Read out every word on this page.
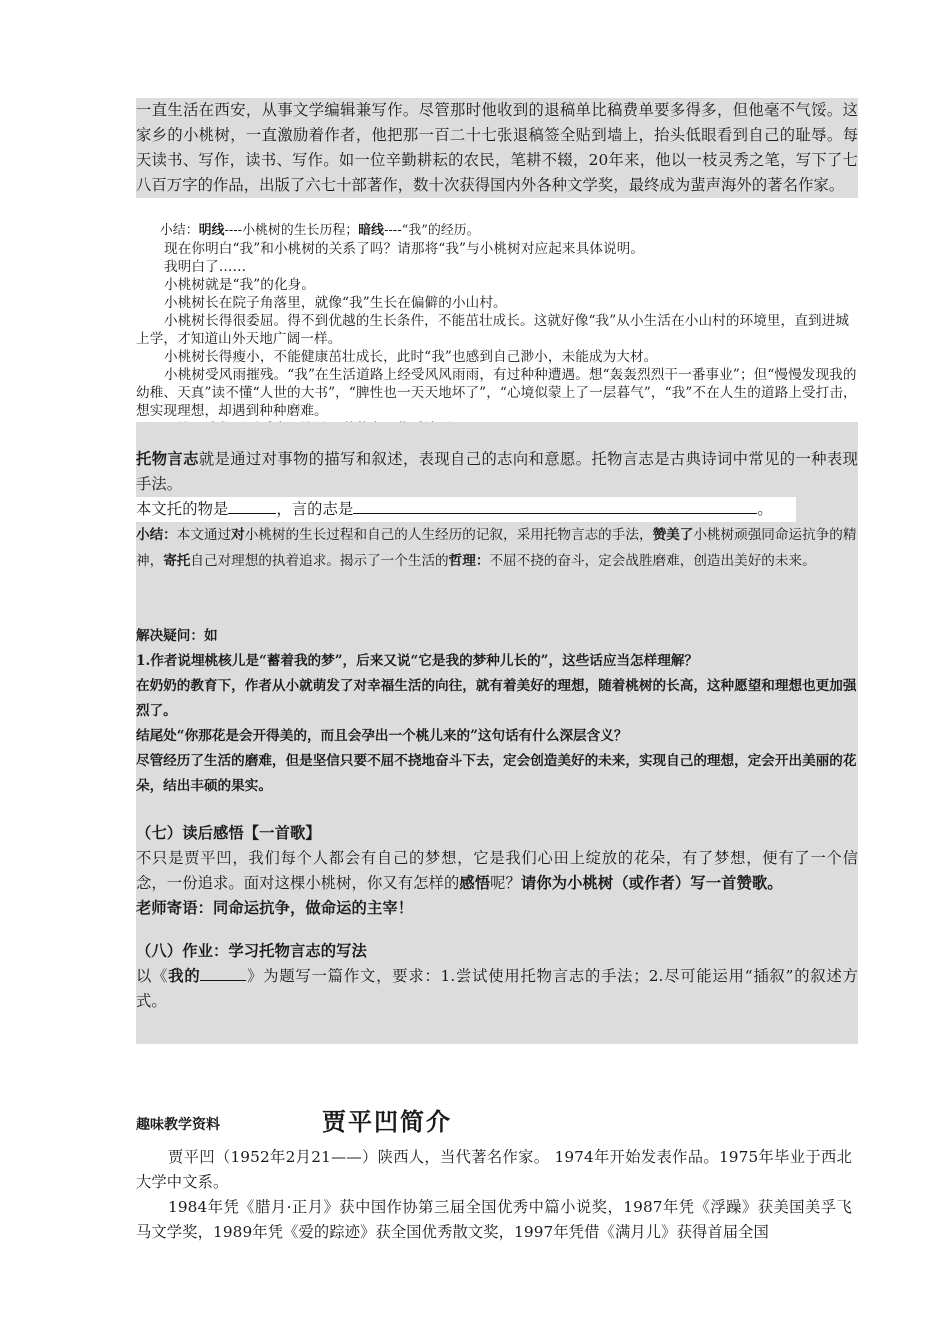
一直生活在西安，从事文学编辑兼写作。尽管那时他收到的退稿单比稿费单要多得多，但他毫不气馁。这家乡的小桃树，一直激励着作者，他把那一百二十七张退稿签全贴到墙上，抬头低眼看到自己的耻辱。每天读书、写作，读书、写作。如一位辛勤耕耘的农民，笔耕不辍，20年来，他以一枝灵秀之笔，写下了七八百万字的作品，出版了六七十部著作，数十次获得国内外各种文学奖，最终成为蜚声海外的著名作家。

小结：明线----小桃树的生长历程；暗线----“我”的经历。

现在你明白“我”和小桃树的关系了吗？请那将“我”与小桃树对应起来具体说明。

我明白了……

小桃树就是“我”的化身。

小桃树长在院子角落里，就像“我”生长在偏僻的小山村。

小桃树长得很委屈。得不到优越的生长条件，不能茁壮成长。这就好像“我”从小生活在小山村的环境里，直到进城上学，才知道山外天地广阔一样。

小桃树长得瘦小，不能健康茁壮成长，此时“我”也感到自己渺小，未能成为大材。

小桃树受风雨摧残。“我”在生活道路上经受风风雨雨，有过种种遭遇。想“轰轰烈烈干一番事业”；但“慢慢发现我的幼稚、天真”读不懂“人世的大书”，“脾性也一天天地坏了”，“心境似蒙上了一层暮气”，“我”不在人生的道路上受打击，想实现理想，却遇到种种磨难。

托物言志就是通过对事物的描写和叙述，表现自己的志向和意愿。托物言志是古典诗词中常见的一种表现手法。

本文托的物是	，言的志是	。

小结：本文通过对小桃树的生长过程和自己的人生经历的记叙，采用托物言志的手法，赞美了小桃树顽强同命运抗争的精神，寄托自己对理想的执着追求。揭示了一个生活的哲理：不屈不挠的奋斗，定会战胜磨难，创造出美好的未来。

解决疑问：如

1.作者说埋桃核儿是“蓄着我的梦”，后来又说“它是我的梦种儿长的”，这些话应当怎样理解？

在奶奶的教育下，作者从小就萌发了对幸福生活的向往，就有着美好的理想，随着桃树的长高，这种愿望和理想也更加强烈了。

结尾处“你那花是会开得美的，而且会孕出一个桃儿来的”这句话有什么深层含义？

尽管经历了生活的磨难，但是坚信只要不屈不挠地奋斗下去，定会创造美好的未来，实现自己的理想，定会开出美丽的花朵，结出丰硕的果实。

（七）读后感悟【一首歌】

不只是贾平凹，我们每个人都会有自己的梦想，它是我们心田上绽放的花朵，有了梦想，便有了一个信念，一份追求。面对这棵小桃树，你又有怎样的感悟呢？请你为小桃树（或作者）写一首赞歌。

老师寄语：同命运抗争，做命运的主宰！

（八）作业：学习托物言志的写法

以《我的	》为题写一篇作文，要求：1.尝试使用托物言志的手法；2.尽可能运用“插叙”的叙述方式。

趣味教学资料	贾平凹简介

贾平凹（1952年2月21——）陕西人，当代著名作家。 1974年开始发表作品。1975年毕业于西北大学中文系。

1984年凭《腊月·正月》获中国作协第三届全国优秀中篇小说奖，1987年凭《浮躁》获美国美孚飞马文学奖，1989年凭《爱的踪迹》获全国优秀散文奖，1997年凭借《满月儿》获得首届全国
